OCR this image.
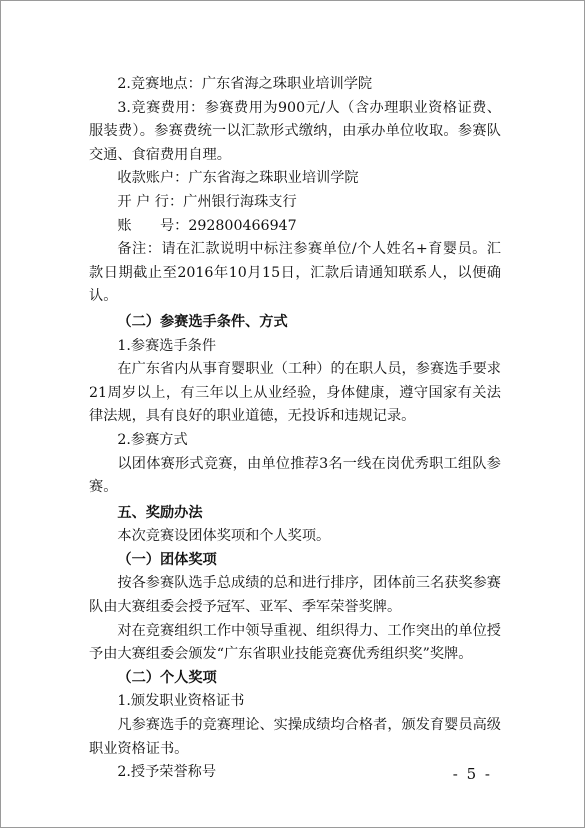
2.竞赛地点：广东省海之珠职业培训学院

3.竞赛费用：参赛费用为900元/人（含办理职业资格证费、服装费）。参赛费统一以汇款形式缴纳，由承办单位收取。参赛队交通、食宿费用自理。

收款账户：广东省海之珠职业培训学院

开 户 行：广州银行海珠支行

账　　号：292800466947

备注：请在汇款说明中标注参赛单位/个人姓名+育婴员。汇款日期截止至2016年10月15日，汇款后请通知联系人，以便确认。

（二）参赛选手条件、方式

1.参赛选手条件

在广东省内从事育婴职业（工种）的在职人员，参赛选手要求21周岁以上，有三年以上从业经验，身体健康，遵守国家有关法律法规，具有良好的职业道德，无投诉和违规记录。

2.参赛方式

以团体赛形式竞赛，由单位推荐3名一线在岗优秀职工组队参赛。

五、奖励办法

本次竞赛设团体奖项和个人奖项。

（一）团体奖项

按各参赛队选手总成绩的总和进行排序，团体前三名获奖参赛队由大赛组委会授予冠军、亚军、季军荣誉奖牌。

对在竞赛组织工作中领导重视、组织得力、工作突出的单位授予由大赛组委会颁发“广东省职业技能竞赛优秀组织奖”奖牌。

（二）个人奖项

1.颁发职业资格证书

凡参赛选手的竞赛理论、实操成绩均合格者，颁发育婴员高级职业资格证书。

2.授予荣誉称号	- 5 -
